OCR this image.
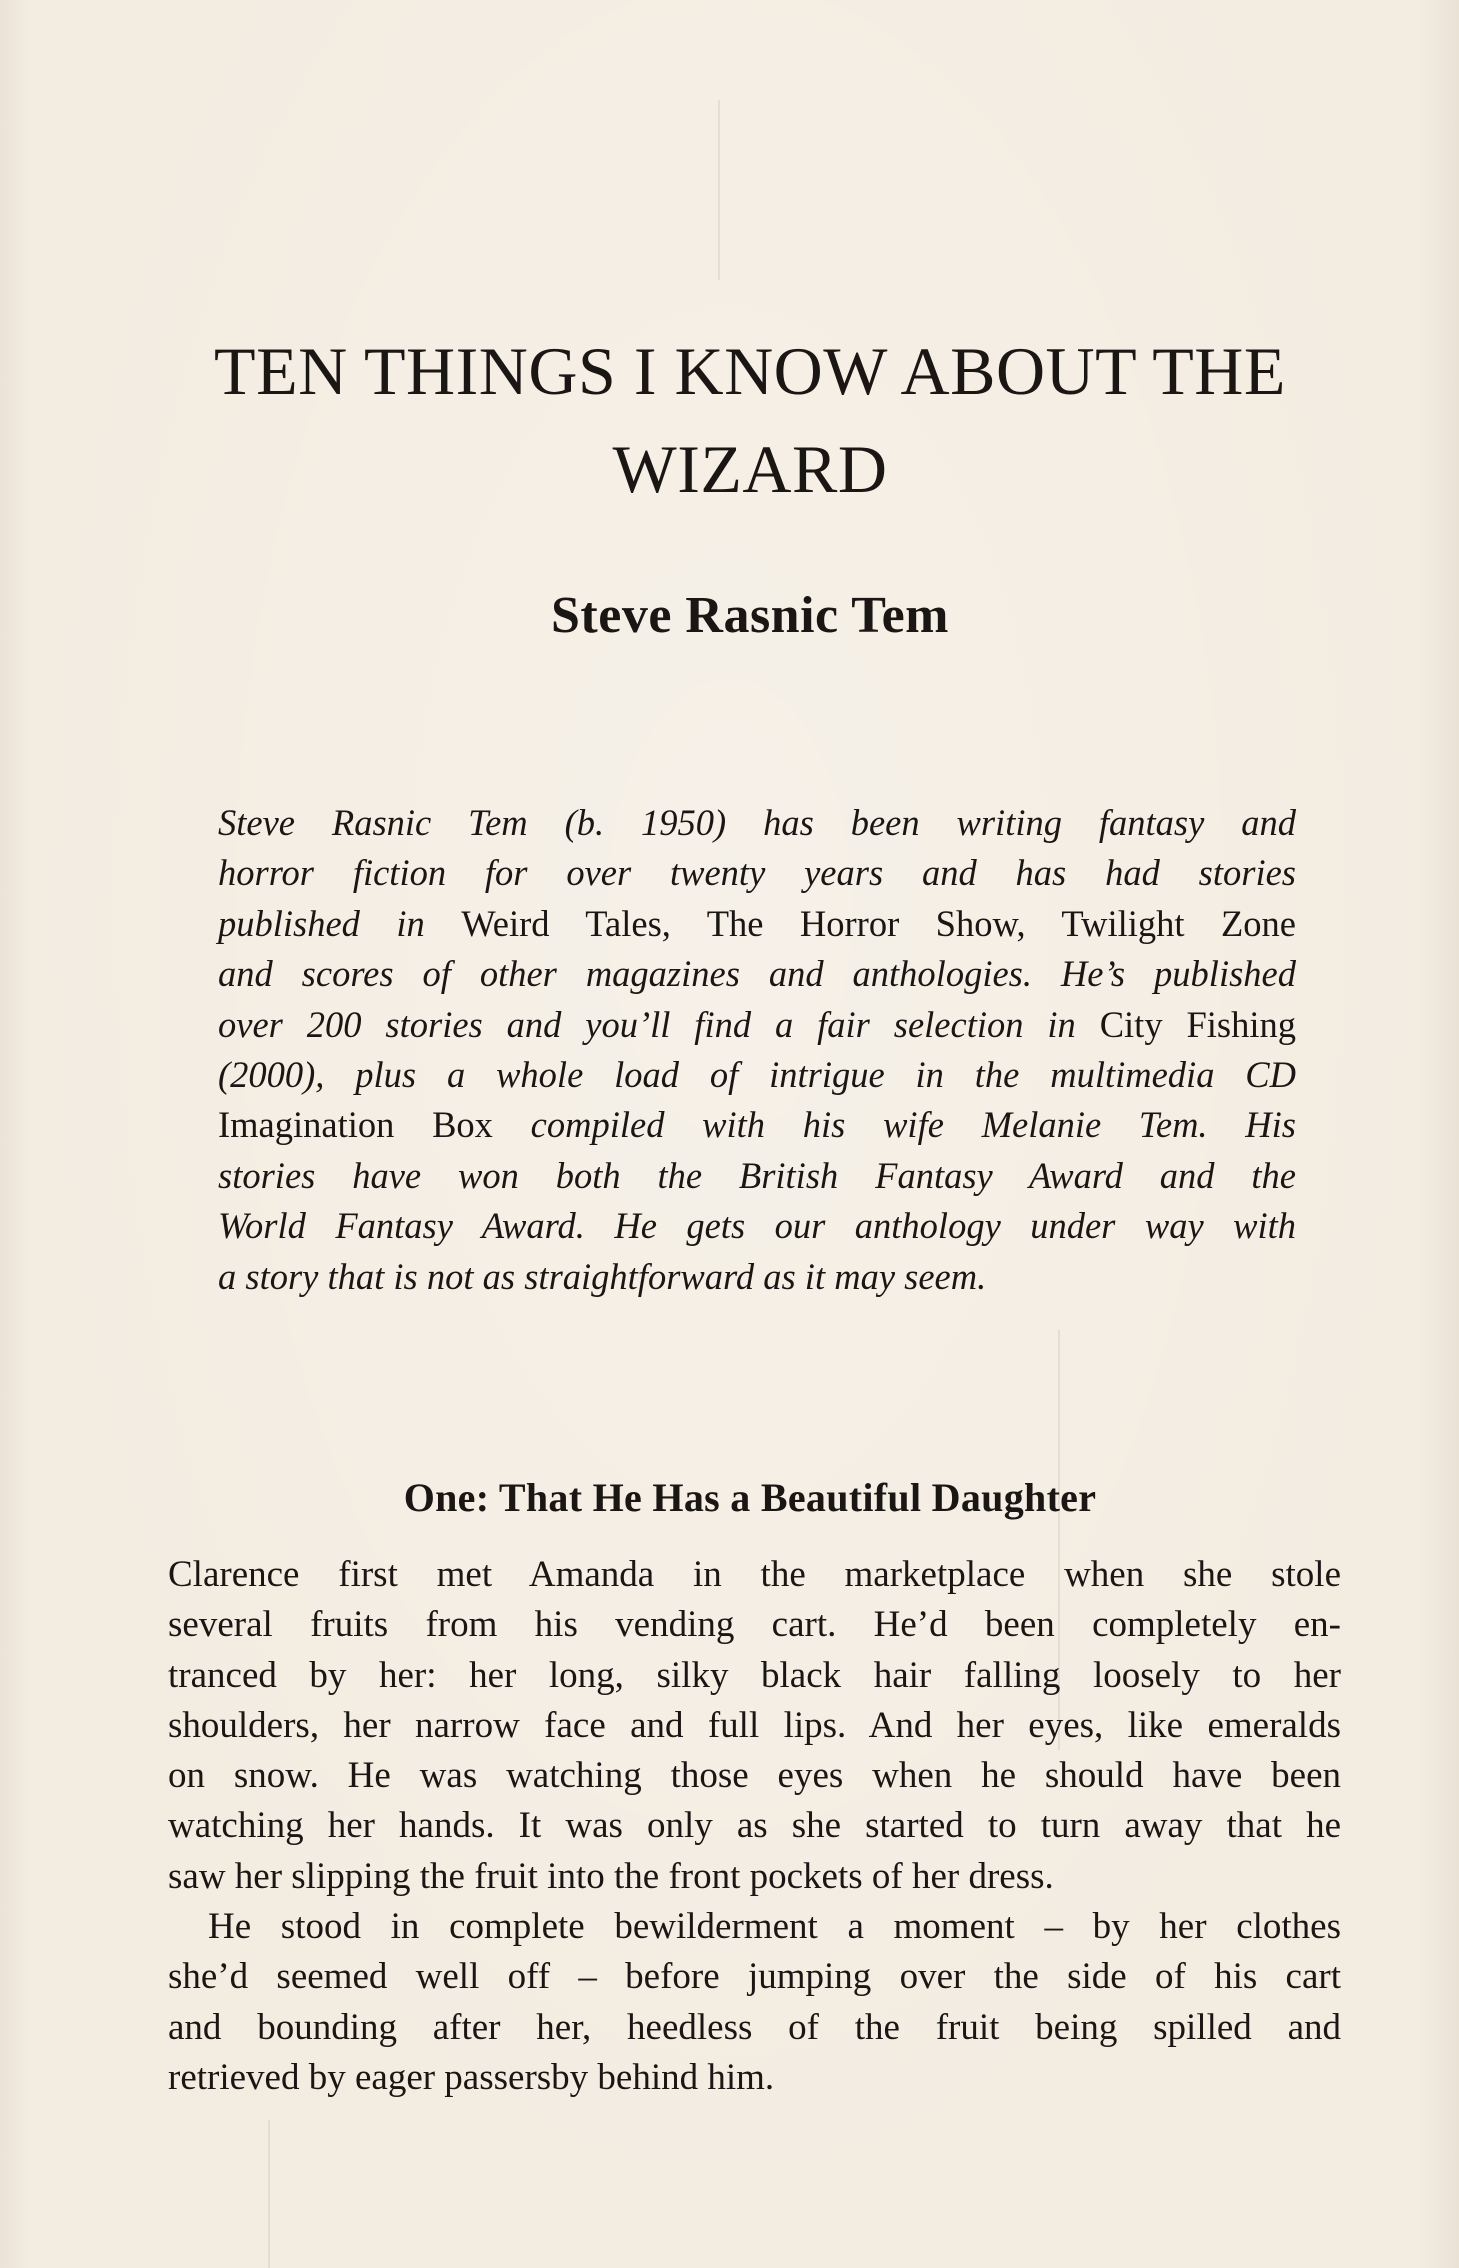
TEN THINGS I KNOW ABOUT THE
WIZARD
Steve Rasnic Tem
Steve Rasnic Tem (b. 1950) has been writing fantasy and
horror fiction for over twenty years and has had stories
published in Weird Tales, The Horror Show, Twilight Zone
and scores of other magazines and anthologies. He’s published
over 200 stories and you’ll find a fair selection in City Fishing
(2000), plus a whole load of intrigue in the multimedia CD
Imagination Box compiled with his wife Melanie Tem. His
stories have won both the British Fantasy Award and the
World Fantasy Award. He gets our anthology under way with
a story that is not as straightforward as it may seem.
One: That He Has a Beautiful Daughter
Clarence first met Amanda in the marketplace when she stole
several fruits from his vending cart. He’d been completely en-
tranced by her: her long, silky black hair falling loosely to her
shoulders, her narrow face and full lips. And her eyes, like emeralds
on snow. He was watching those eyes when he should have been
watching her hands. It was only as she started to turn away that he
saw her slipping the fruit into the front pockets of her dress.
He stood in complete bewilderment a moment – by her clothes
she’d seemed well off – before jumping over the side of his cart
and bounding after her, heedless of the fruit being spilled and
retrieved by eager passersby behind him.
